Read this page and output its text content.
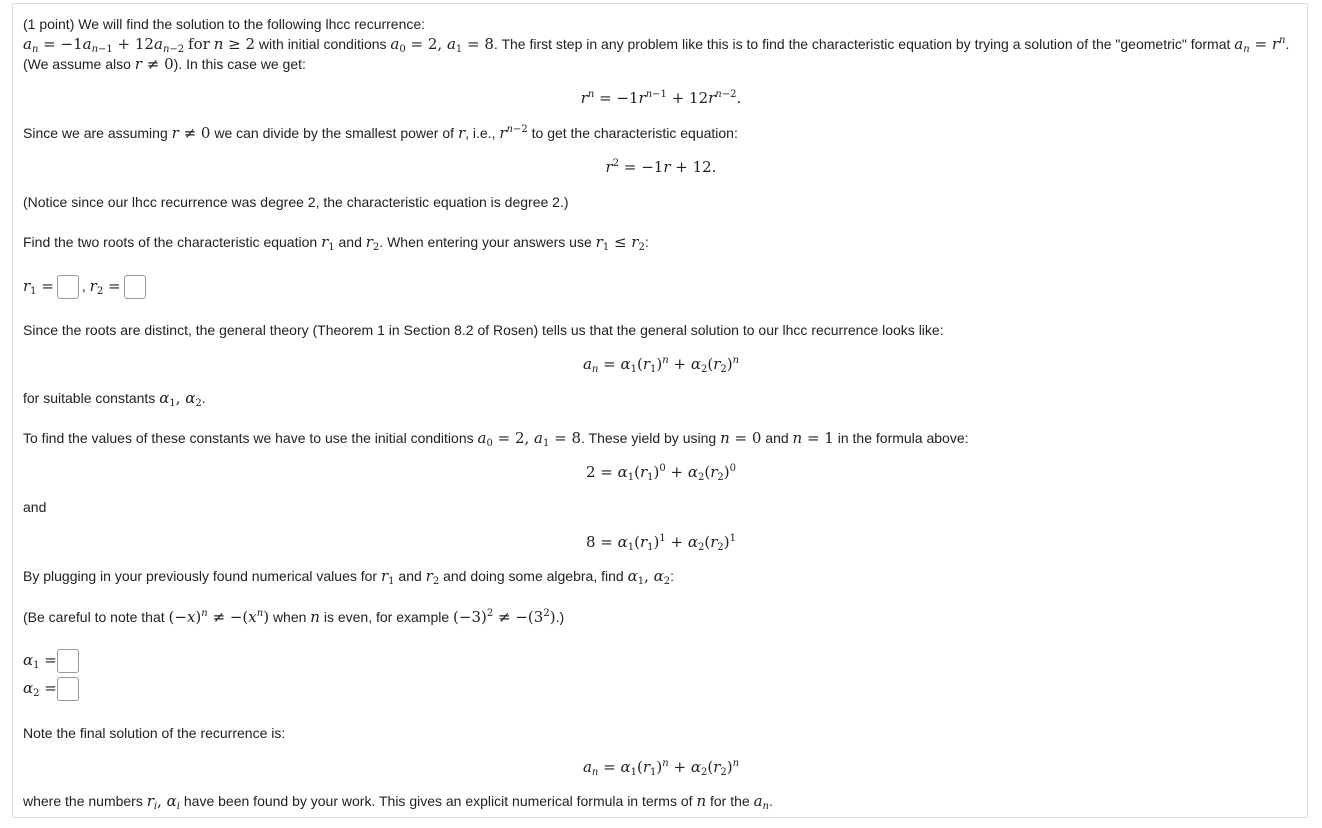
(1 point) We will find the solution to the following lhcc recurrence:
$a_n = -1a_{n-1} + 12a_{n-2}$ for n ≥ 2 with initial conditions $a_0 = 2$, $a_1 = 8$. The first step in any problem like this is to find the characteristic equation by trying a solution of the "geometric" format $a_n = r^n$.
(We assume also r ≠ 0). In this case we get:
$r^n = -1r^{n-1} + 12r^{n-2}$.
Since we are assuming r ≠ 0 we can divide by the smallest power of r, i.e., $r^{n-2}$ to get the characteristic equation:
$r^2 = -1r + 12$.
(Notice since our lhcc recurrence was degree 2, the characteristic equation is degree 2.)
Find the two roots of the characteristic equation $r_1$ and $r_2$. When entering your answers use $r_1 \le r_2$:
$r_1$ = , $r_2$ =
Since the roots are distinct, the general theory (Theorem 1 in Section 8.2 of Rosen) tells us that the general solution to our lhcc recurrence looks like:
$a_n = \alpha_1(r_1)^n + \alpha_2(r_2)^n$
for suitable constants $\alpha_1$, $\alpha_2$.
To find the values of these constants we have to use the initial conditions $a_0 = 2$, $a_1 = 8$. These yield by using n = 0 and n = 1 in the formula above:
$2 = \alpha_1(r_1)^0 + \alpha_2(r_2)^0$
and
$8 = \alpha_1(r_1)^1 + \alpha_2(r_2)^1$
By plugging in your previously found numerical values for $r_1$ and $r_2$ and doing some algebra, find $\alpha_1$, $\alpha_2$:
(Be careful to note that $(-x)^n \ne -(x^n)$ when n is even, for example $(-3)^2 \ne -(3^2)$.)
$\alpha_1$ =
$\alpha_2$ =
Note the final solution of the recurrence is:
$a_n = \alpha_1(r_1)^n + \alpha_2(r_2)^n$
where the numbers $r_i$, $\alpha_i$ have been found by your work. This gives an explicit numerical formula in terms of n for the $a_n$.
